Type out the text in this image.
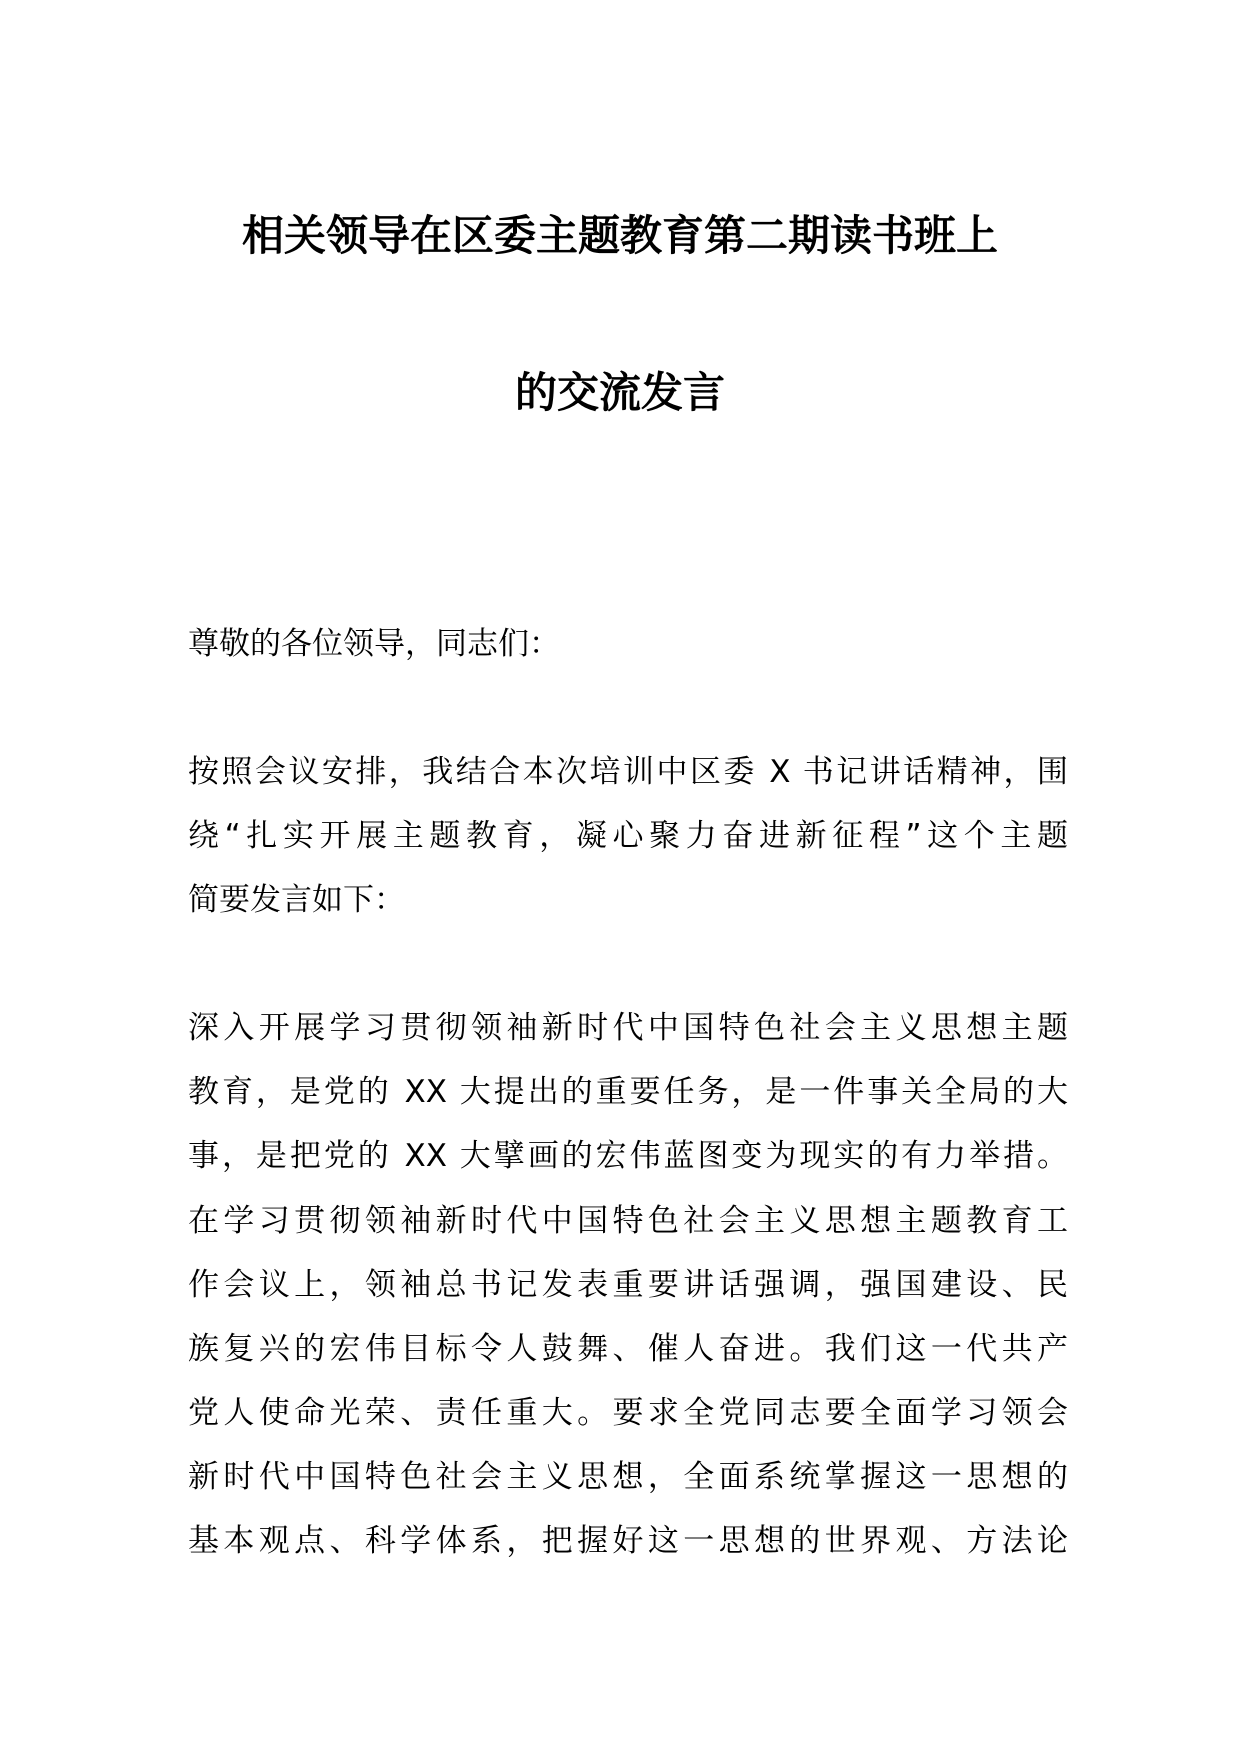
相关领导在区委主题教育第二期读书班上
的交流发言
尊敬的各位领导，同志们：
按照会议安排，我结合本次培训中区委 X 书记讲话精神，围
绕“扎实开展主题教育，凝心聚力奋进新征程”这个主题
简要发言如下：
深入开展学习贯彻领袖新时代中国特色社会主义思想主题
教育，是党的 XX 大提出的重要任务，是一件事关全局的大
事，是把党的 XX 大擘画的宏伟蓝图变为现实的有力举措。
在学习贯彻领袖新时代中国特色社会主义思想主题教育工
作会议上，领袖总书记发表重要讲话强调，强国建设、民
族复兴的宏伟目标令人鼓舞、催人奋进。我们这一代共产
党人使命光荣、责任重大。要求全党同志要全面学习领会
新时代中国特色社会主义思想，全面系统掌握这一思想的
基本观点、科学体系，把握好这一思想的世界观、方法论
